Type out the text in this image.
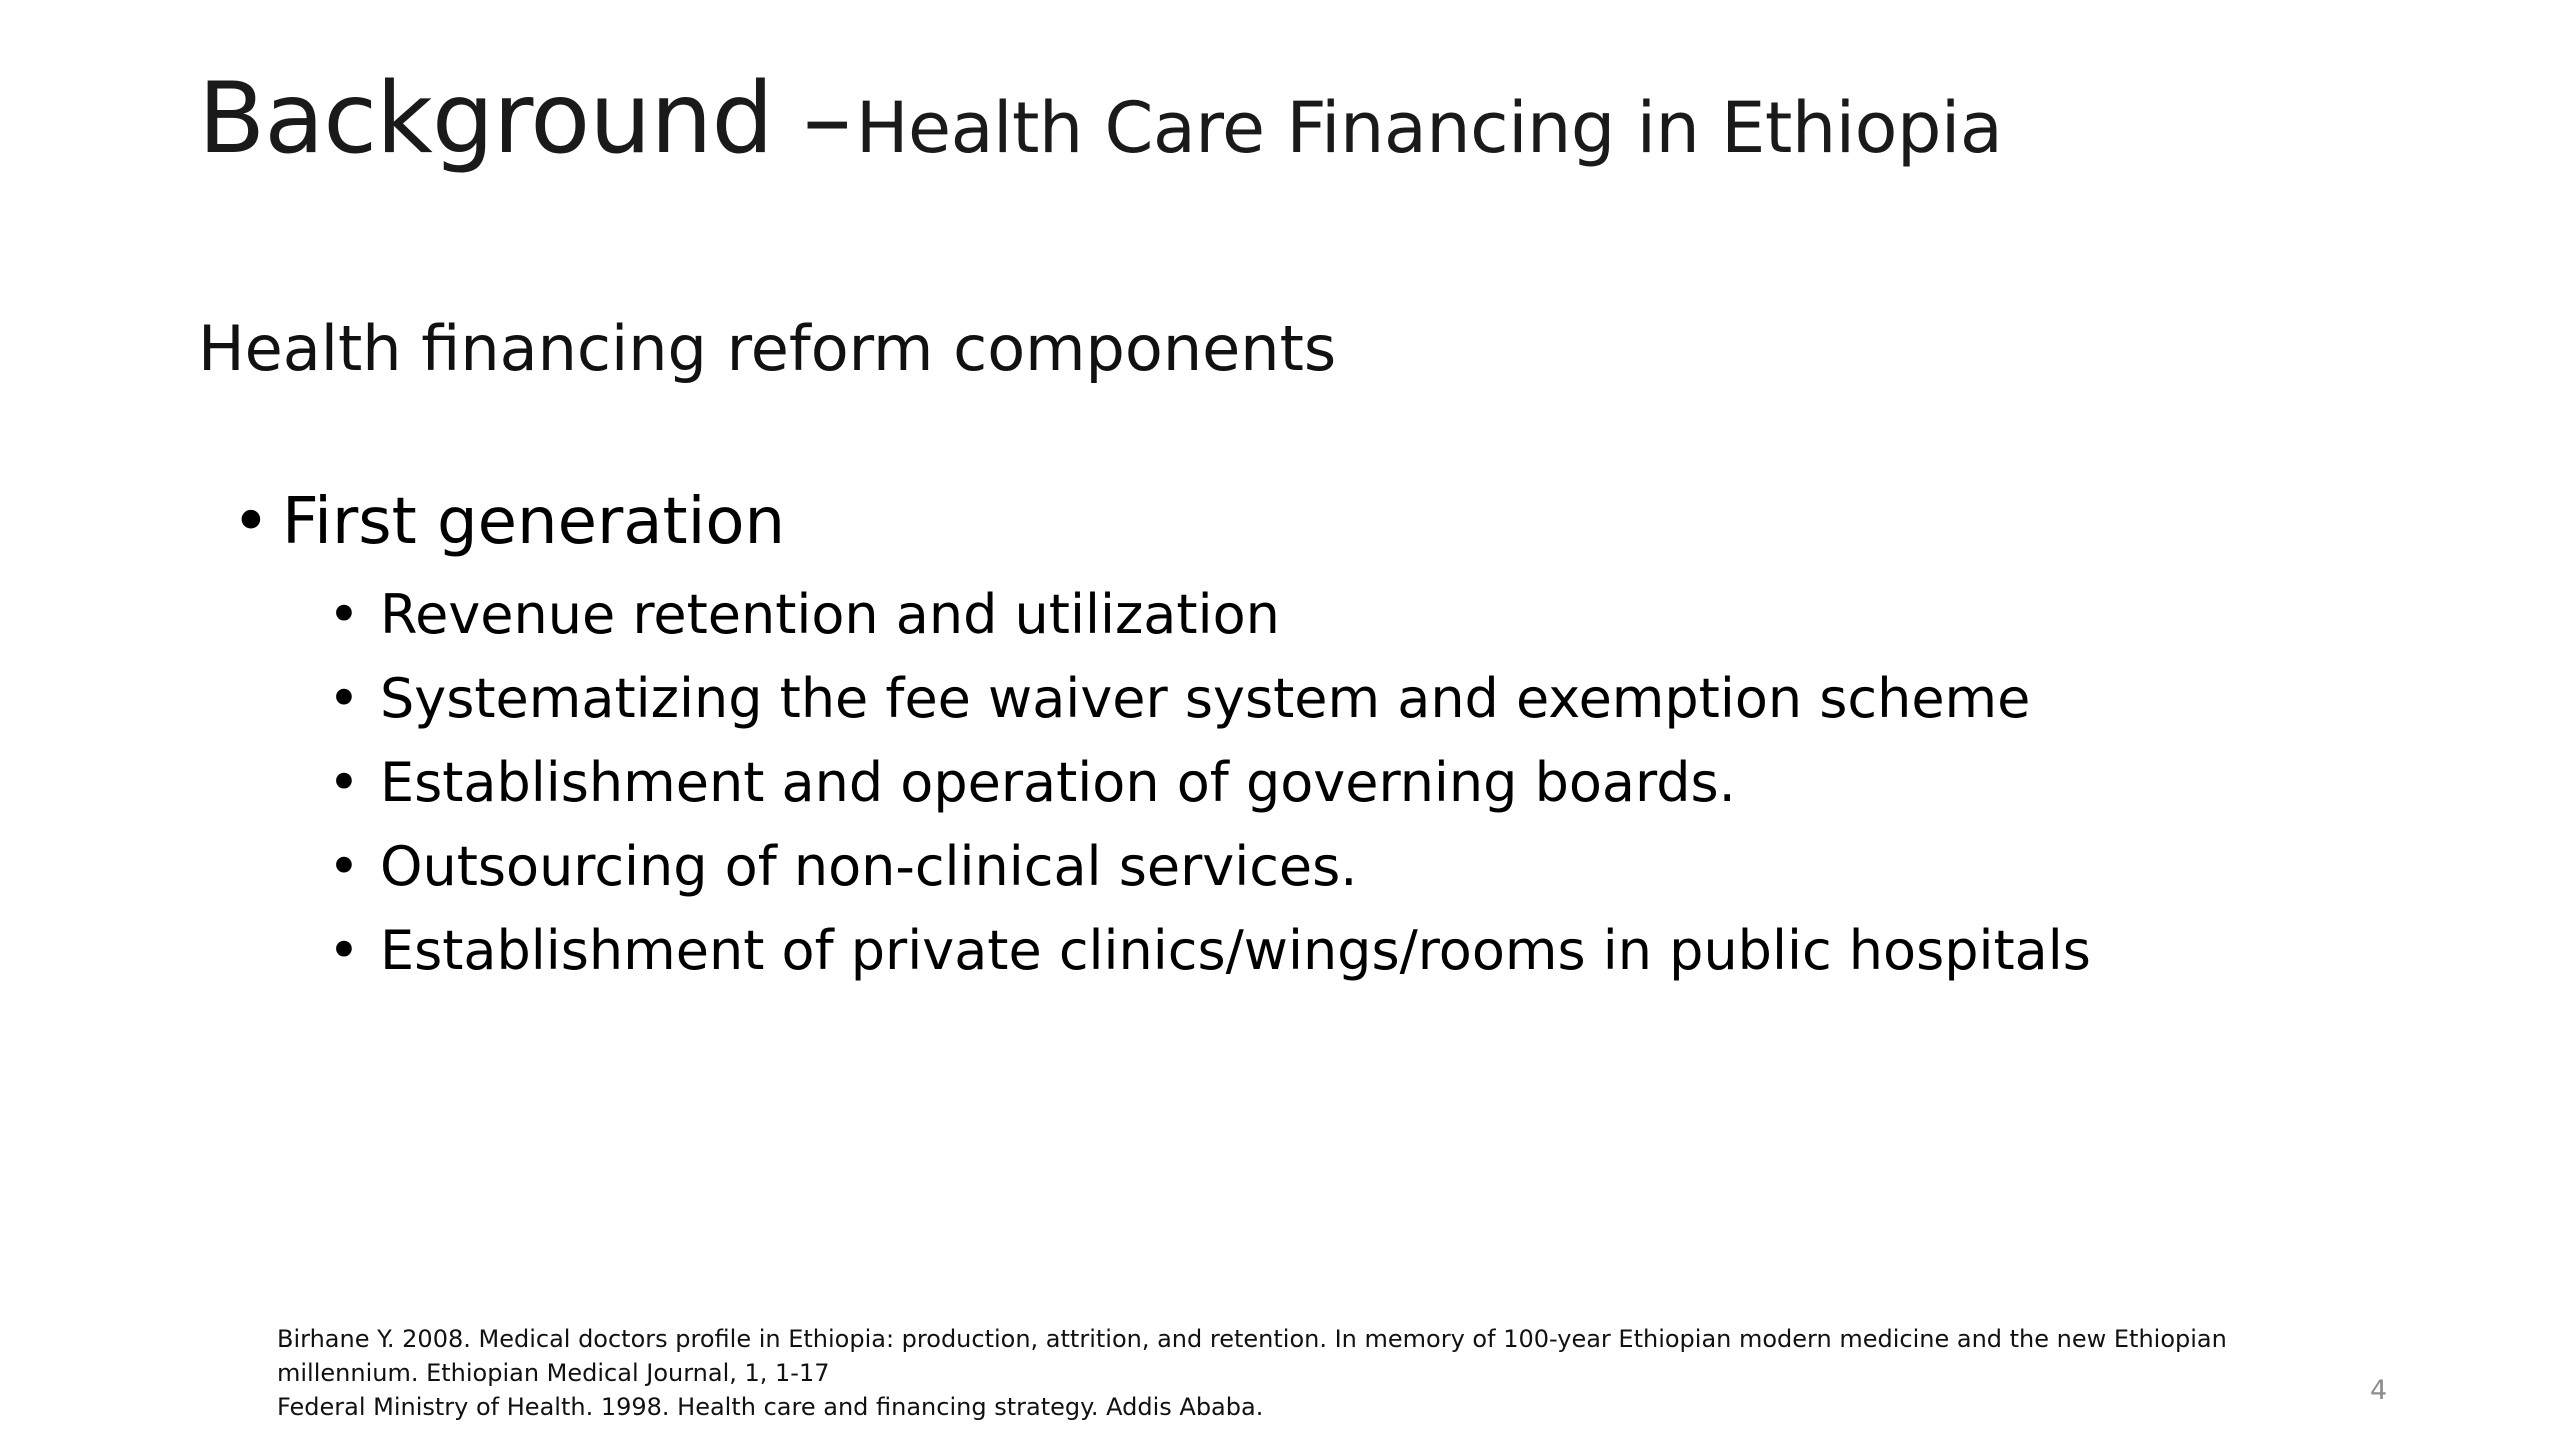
Background – Health Care Financing in Ethiopia
Health financing reform components
• First generation
• Revenue retention and utilization
• Systematizing the fee waiver system and exemption scheme
• Establishment and operation of governing boards.
• Outsourcing of non-clinical services.
• Establishment of private clinics/wings/rooms in public hospitals
Birhane Y. 2008. Medical doctors profile in Ethiopia: production, attrition, and retention. In memory of 100-year Ethiopian modern medicine and the new Ethiopian
millennium. Ethiopian Medical Journal, 1, 1-17
Federal Ministry of Health. 1998. Health care and financing strategy. Addis Ababa.
4
